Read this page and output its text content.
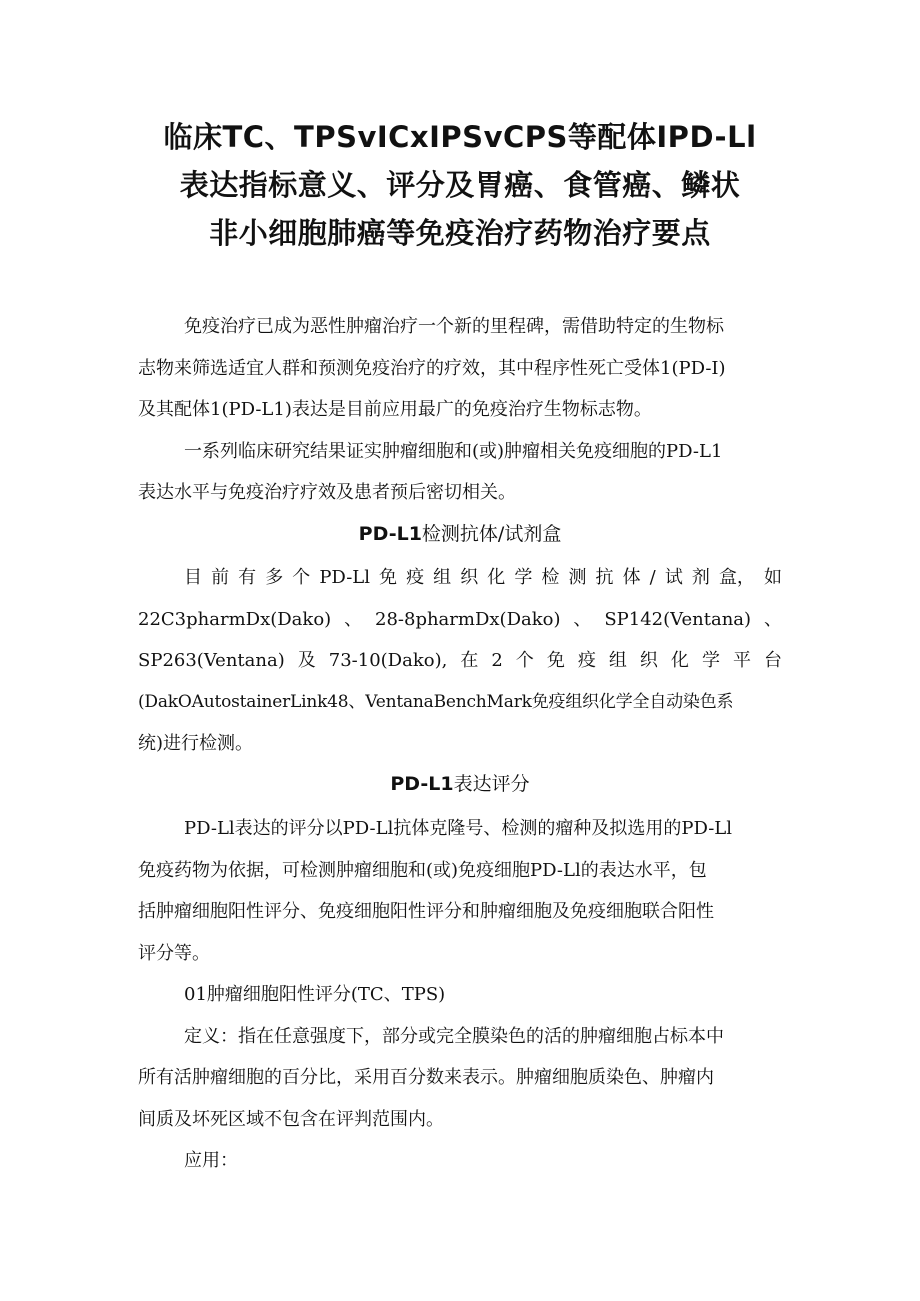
临床TC、TPSvICxIPSvCPS等配体IPD-Ll
表达指标意义、评分及胃癌、食管癌、鳞状
非小细胞肺癌等免疫治疗药物治疗要点
免疫治疗已成为恶性肿瘤治疗一个新的里程碑，需借助特定的生物标
志物来筛选适宜人群和预测免疫治疗的疗效，其中程序性死亡受体1(PD-I)
及其配体1(PD-L1)表达是目前应用最广的免疫治疗生物标志物。
一系列临床研究结果证实肿瘤细胞和(或)肿瘤相关免疫细胞的PD-L1
表达水平与免疫治疗疗效及患者预后密切相关。
PD-L1检测抗体/试剂盒
目 前 有 多 个 PD-Ll 免 疫 组 织 化 学 检 测 抗 体 / 试 剂 盒， 如
22C3pharmDx(Dako) 、 28-8pharmDx(Dako) 、 SP142(Ventana) 、
SP263(Ventana) 及 73-10(Dako), 在 2 个 免 疫 组 织 化 学 平 台
(DakOAutostainerLink48、VentanaBenchMark免疫组织化学全自动染色系
统)进行检测。
PD-L1表达评分
PD-Ll表达的评分以PD-Ll抗体克隆号、检测的瘤种及拟选用的PD-Ll
免疫药物为依据，可检测肿瘤细胞和(或)免疫细胞PD-Ll的表达水平，包
括肿瘤细胞阳性评分、免疫细胞阳性评分和肿瘤细胞及免疫细胞联合阳性
评分等。
01肿瘤细胞阳性评分(TC、TPS)
定义：指在任意强度下，部分或完全膜染色的活的肿瘤细胞占标本中
所有活肿瘤细胞的百分比，采用百分数来表示。肿瘤细胞质染色、肿瘤内
间质及坏死区域不包含在评判范围内。
应用：
